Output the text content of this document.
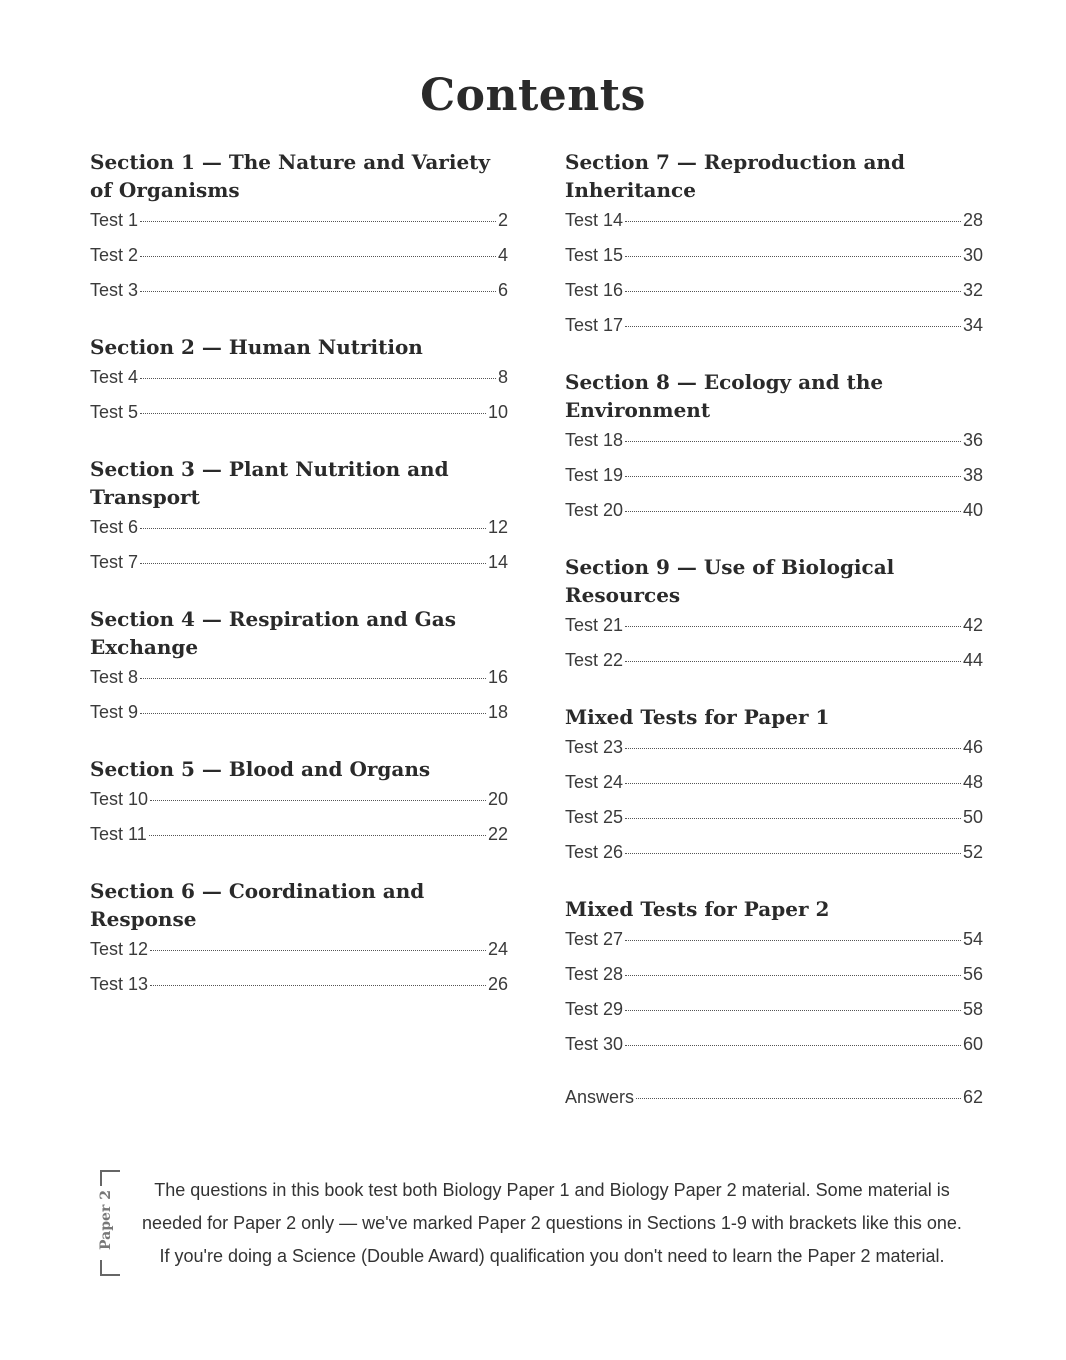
Contents
Section 1 — The Nature and Variety of Organisms
Test 1	2
Test 2	4
Test 3	6
Section 2 — Human Nutrition
Test 4	8
Test 5	10
Section 3 — Plant Nutrition and Transport
Test 6	12
Test 7	14
Section 4 — Respiration and Gas Exchange
Test 8	16
Test 9	18
Section 5 — Blood and Organs
Test 10	20
Test 11	22
Section 6 — Coordination and Response
Test 12	24
Test 13	26
Section 7 — Reproduction and Inheritance
Test 14	28
Test 15	30
Test 16	32
Test 17	34
Section 8 — Ecology and the Environment
Test 18	36
Test 19	38
Test 20	40
Section 9 — Use of Biological Resources
Test 21	42
Test 22	44
Mixed Tests for Paper 1
Test 23	46
Test 24	48
Test 25	50
Test 26	52
Mixed Tests for Paper 2
Test 27	54
Test 28	56
Test 29	58
Test 30	60
Answers	62
Paper 2
The questions in this book test both Biology Paper 1 and Biology Paper 2 material. Some material is
needed for Paper 2 only — we've marked Paper 2 questions in Sections 1-9 with brackets like this one.
If you're doing a Science (Double Award) qualification you don't need to learn the Paper 2 material.
